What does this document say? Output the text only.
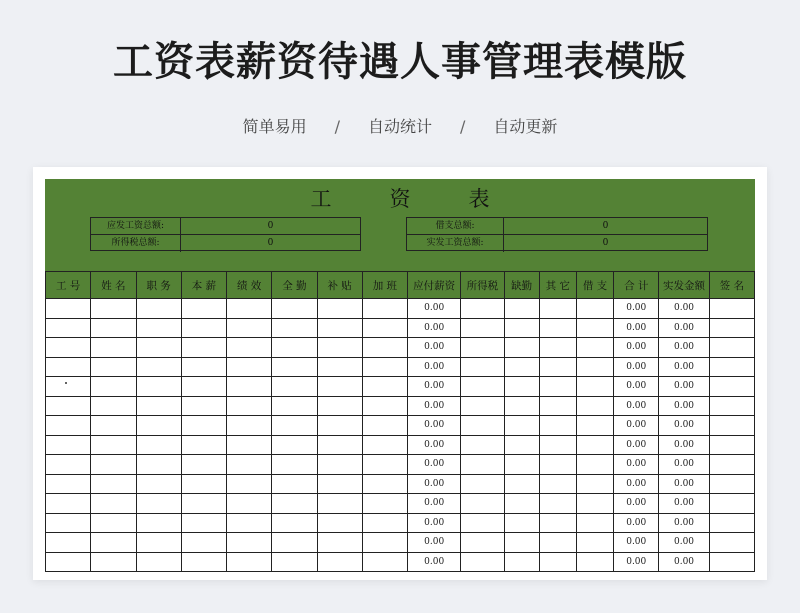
工资表薪资待遇人事管理表模版
简单易用 / 自动统计 / 自动更新
工资表
应发工资总额:	0
所得税总额:	0
借支总额:	0
实发工资总额:	0
工 号	姓 名	职 务	本 薪	绩 效	全 勤	补 贴	加 班	应付薪资	所得税	缺勤	其 它	借 支	合 计	实发金额	签 名
								0.00					0.00	0.00	
								0.00					0.00	0.00	
								0.00					0.00	0.00	
								0.00					0.00	0.00	
								0.00					0.00	0.00	
								0.00					0.00	0.00	
								0.00					0.00	0.00	
								0.00					0.00	0.00	
								0.00					0.00	0.00	
								0.00					0.00	0.00	
								0.00					0.00	0.00	
								0.00					0.00	0.00	
								0.00					0.00	0.00	
								0.00					0.00	0.00	
